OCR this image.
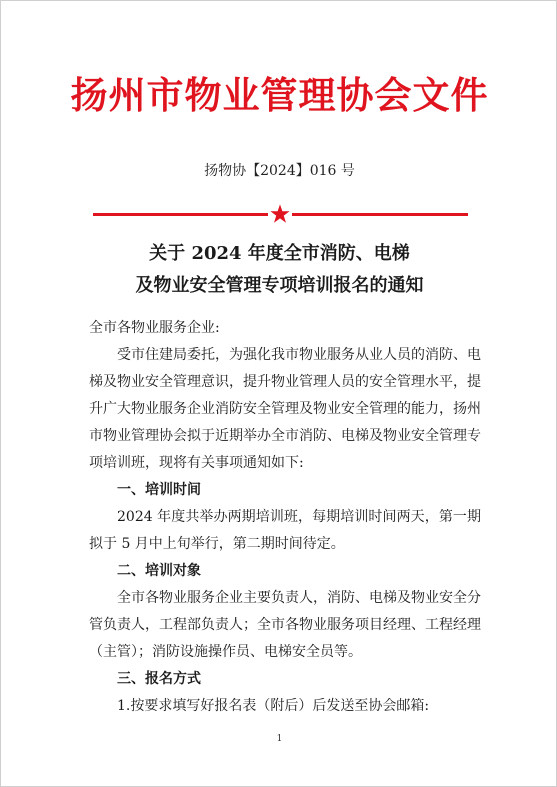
扬州市物业管理协会文件
扬物协【2024】016 号
关于 2024 年度全市消防、电梯
及物业安全管理专项培训报名的通知
全市各物业服务企业:

受市住建局委托，为强化我市物业服务从业人员的消防、电梯及物业安全管理意识，提升物业管理人员的安全管理水平，提升广大物业服务企业消防安全管理及物业安全管理的能力，扬州市物业管理协会拟于近期举办全市消防、电梯及物业安全管理专项培训班，现将有关事项通知如下:

一、培训时间

2024 年度共举办两期培训班，每期培训时间两天，第一期拟于 5 月中上旬举行，第二期时间待定。

二、培训对象

全市各物业服务企业主要负责人，消防、电梯及物业安全分管负责人，工程部负责人；全市各物业服务项目经理、工程经理（主管）；消防设施操作员、电梯安全员等。

三、报名方式

1.按要求填写好报名表（附后）后发送至协会邮箱:

1
